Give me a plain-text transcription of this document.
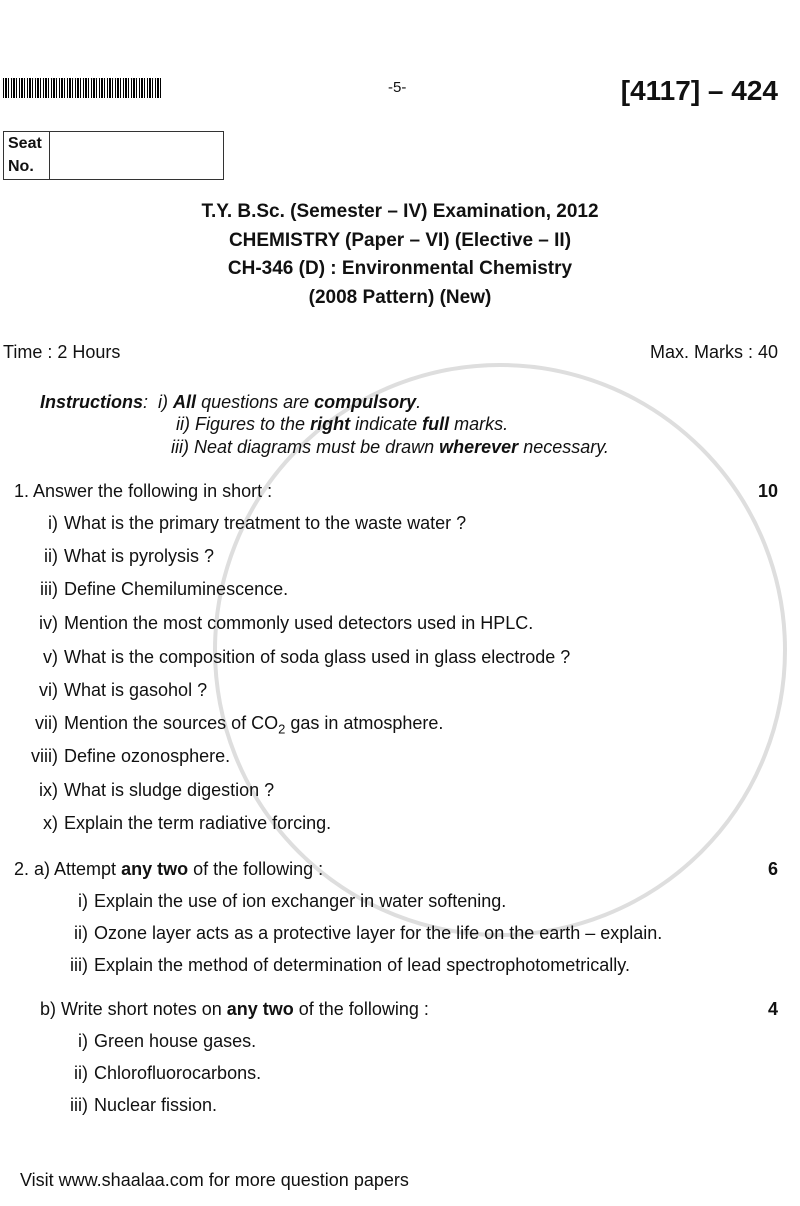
-5-	[4117] – 424
Seat
No.
T.Y. B.Sc. (Semester – IV) Examination, 2012
CHEMISTRY (Paper – VI) (Elective – II)
CH-346 (D) : Environmental Chemistry
(2008 Pattern) (New)
Time : 2 Hours	Max. Marks : 40
Instructions:  i) All questions are compulsory.
ii) Figures to the right indicate full marks.
iii) Neat diagrams must be drawn wherever necessary.
1. Answer the following in short :	10
i) What is the primary treatment to the waste water ?
ii) What is pyrolysis ?
iii) Define Chemiluminescence.
iv) Mention the most commonly used detectors used in HPLC.
v) What is the composition of soda glass used in glass electrode ?
vi) What is gasohol ?
vii) Mention the sources of $CO_2$ gas in atmosphere.
viii) Define ozonosphere.
ix) What is sludge digestion ?
x) Explain the term radiative forcing.
2. a) Attempt any two of the following :	6
i) Explain the use of ion exchanger in water softening.
ii) Ozone layer acts as a protective layer for the life on the earth – explain.
iii) Explain the method of determination of lead spectrophotometrically.
b) Write short notes on any two of the following :	4
i) Green house gases.
ii) Chlorofluorocarbons.
iii) Nuclear fission.
Visit www.shaalaa.com for more question papers
